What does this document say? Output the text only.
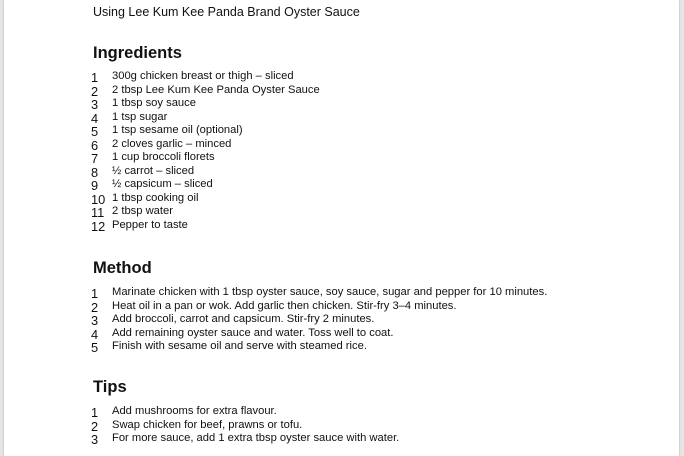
Using Lee Kum Kee Panda Brand Oyster Sauce
Ingredients
1	300g chicken breast or thigh – sliced
2	2 tbsp Lee Kum Kee Panda Oyster Sauce
3	1 tbsp soy sauce
4	1 tsp sugar
5	1 tsp sesame oil (optional)
6	2 cloves garlic – minced
7	1 cup broccoli florets
8	½ carrot – sliced
9	½ capsicum – sliced
10 1 tbsp cooking oil
11 2 tbsp water
12 Pepper to taste
Method
1	Marinate chicken with 1 tbsp oyster sauce, soy sauce, sugar and pepper for 10 minutes.
2	Heat oil in a pan or wok. Add garlic then chicken. Stir-fry 3–4 minutes.
3	Add broccoli, carrot and capsicum. Stir-fry 2 minutes.
4	Add remaining oyster sauce and water. Toss well to coat.
5	Finish with sesame oil and serve with steamed rice.
Tips
1	Add mushrooms for extra flavour.
2	Swap chicken for beef, prawns or tofu.
3	For more sauce, add 1 extra tbsp oyster sauce with water.
